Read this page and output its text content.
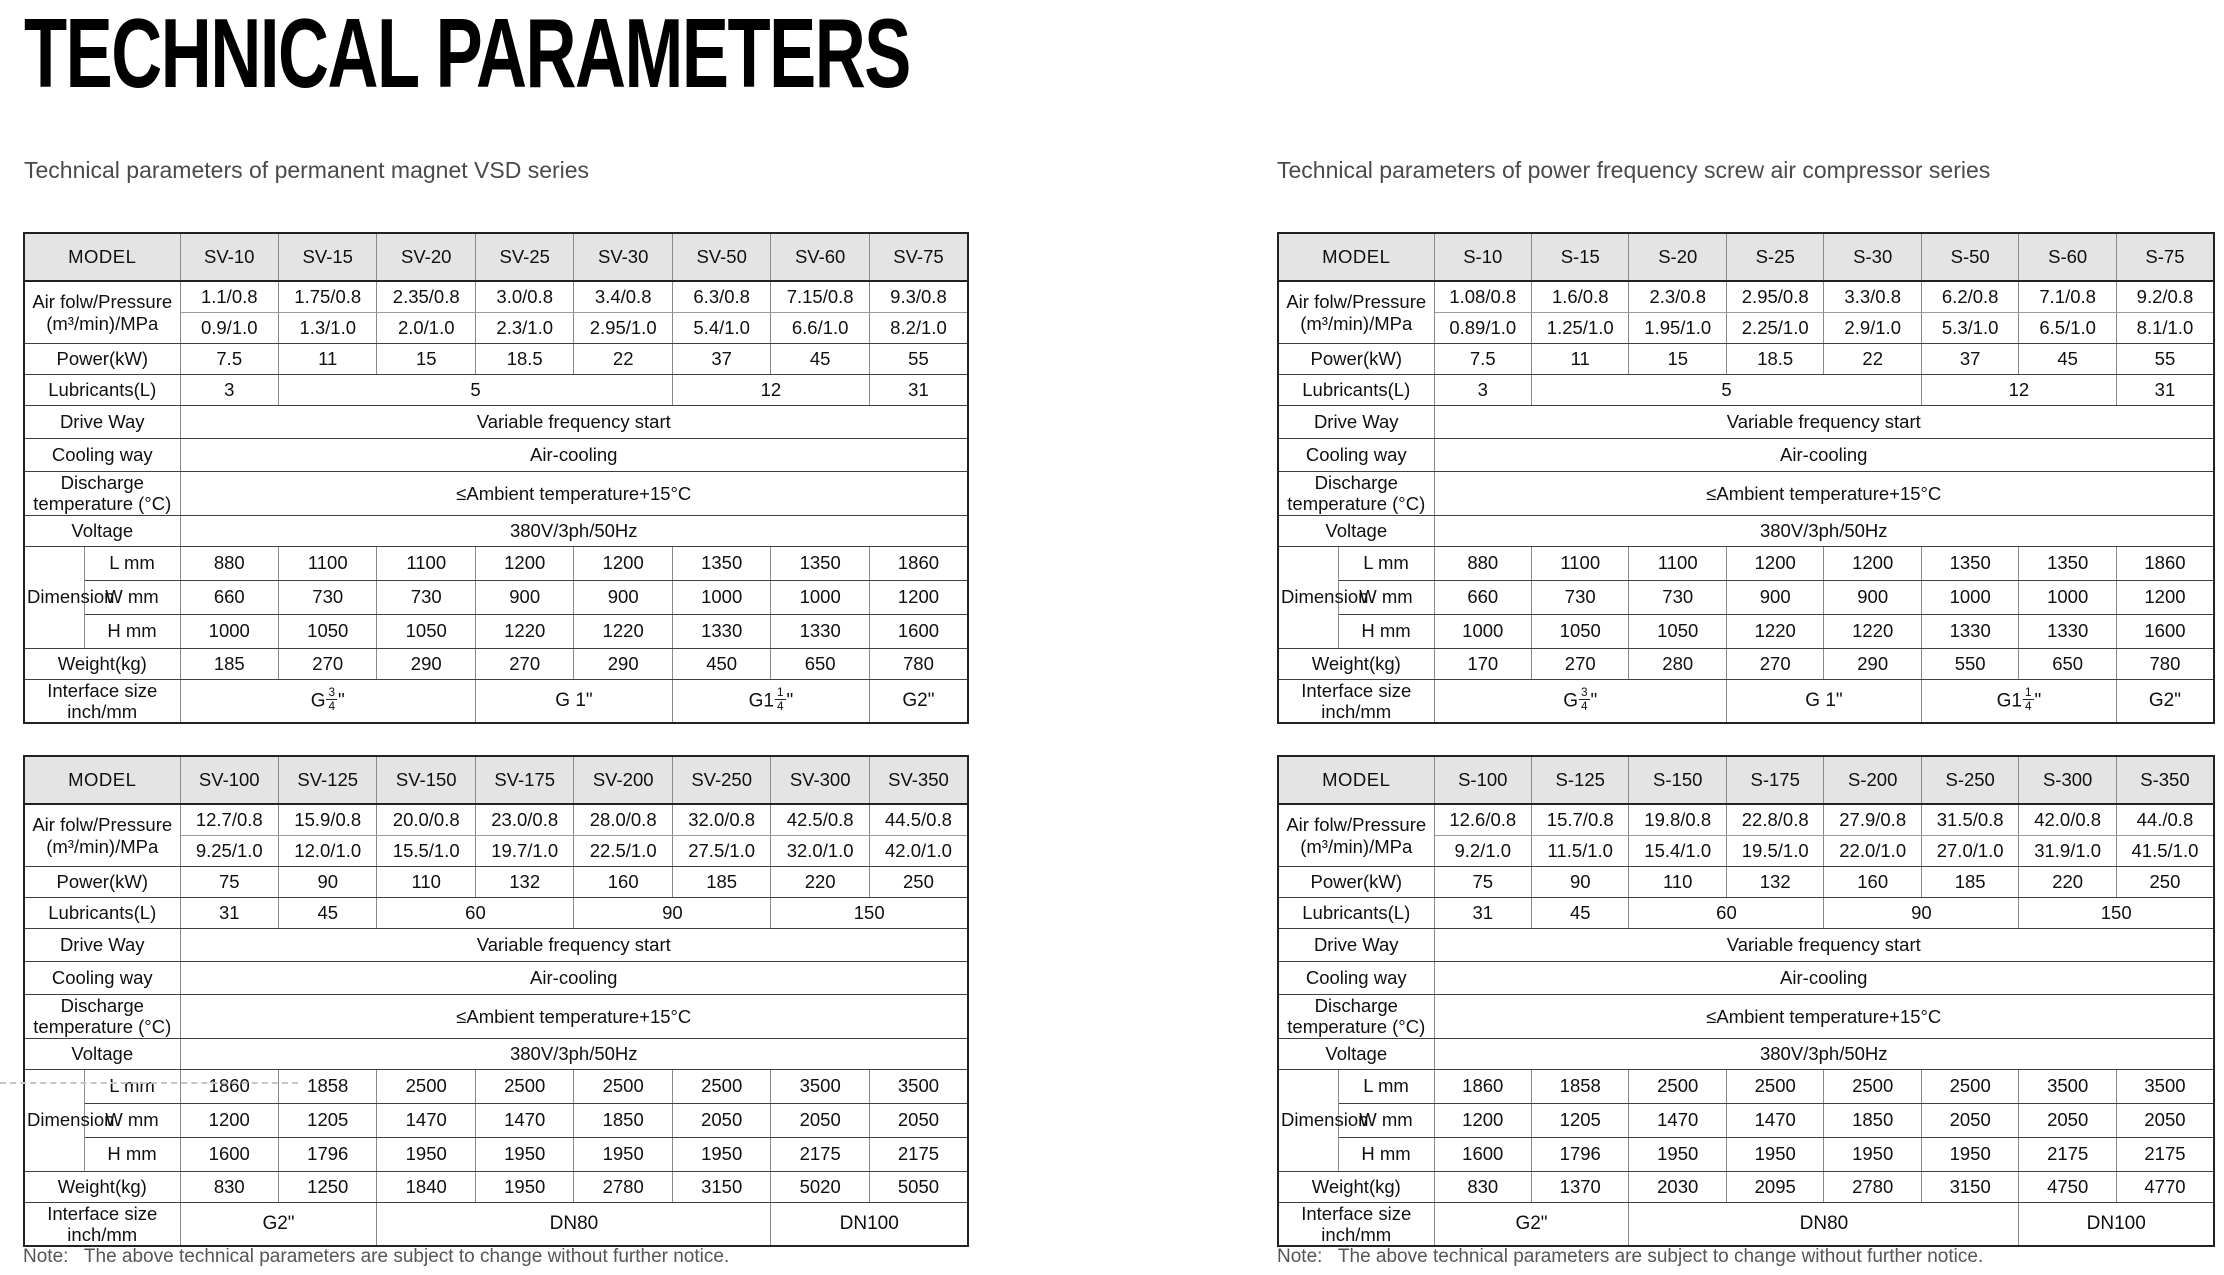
TECHNICAL PARAMETERS
Technical parameters of permanent magnet VSD series	Technical parameters of power frequency screw air compressor series
MODEL		SV-10	SV-15	SV-20	SV-25	SV-30	SV-50	SV-60	SV-75
Air folw/Pressure
(m³/min)/MPa		1.1/0.8	1.75/0.8	2.35/0.8	3.0/0.8	3.4/0.8	6.3/0.8	7.15/0.8	9.3/0.8
		0.9/1.0	1.3/1.0	2.0/1.0	2.3/1.0	2.95/1.0	5.4/1.0	6.6/1.0	8.2/1.0
Power(kW)		7.5	11	15	18.5	22	37	45	55
Lubricants(L)		3	5				12		31
Drive Way		Variable frequency start							
Cooling way		Air-cooling							
Discharge
temperature (°C)		≤Ambient temperature+15°C							
Voltage		380V/3ph/50Hz							
Dimension	L mm	880	1100	1100	1200	1200	1350	1350	1860
	W mm	660	730	730	900	900	1000	1000	1200
	H mm	1000	1050	1050	1220	1220	1330	1330	1600
Weight(kg)		185	270	290	270	290	450	650	780
Interface size
inch/mm		G $\frac{3}{4}$ "			G 1"		$G1 \frac{1}{4}$ "		G2"
MODEL		SV-100	SV-125	SV-150	SV-175	SV-200	SV-250	SV-300	SV-350
Air folw/Pressure
(m³/min)/MPa		12.7/0.8	15.9/0.8	20.0/0.8	23.0/0.8	28.0/0.8	32.0/0.8	42.5/0.8	44.5/0.8
		9.25/1.0	12.0/1.0	15.5/1.0	19.7/1.0	22.5/1.0	27.5/1.0	32.0/1.0	42.0/1.0
Power(kW)		75	90	110	132	160	185	220	250
Lubricants(L)		31	45	60		90		150	
Drive Way		Variable frequency start							
Cooling way		Air-cooling							
Discharge
temperature (°C)		≤Ambient temperature+15°C							
Voltage		380V/3ph/50Hz							
Dimension	L mm	1860	1858	2500	2500	2500	2500	3500	3500
	W mm	1200	1205	1470	1470	1850	2050	2050	2050
	H mm	1600	1796	1950	1950	1950	1950	2175	2175
Weight(kg)		830	1250	1840	1950	2780	3150	5020	5050
Interface size
inch/mm		G2"		DN80				DN100	
MODEL		S-10	S-15	S-20	S-25	S-30	S-50	S-60	S-75
Air folw/Pressure
(m³/min)/MPa		1.08/0.8	1.6/0.8	2.3/0.8	2.95/0.8	3.3/0.8	6.2/0.8	7.1/0.8	9.2/0.8
		0.89/1.0	1.25/1.0	1.95/1.0	2.25/1.0	2.9/1.0	5.3/1.0	6.5/1.0	8.1/1.0
Power(kW)		7.5	11	15	18.5	22	37	45	55
Lubricants(L)		3	5				12		31
Drive Way		Variable frequency start							
Cooling way		Air-cooling							
Discharge
temperature (°C)		≤Ambient temperature+15°C							
Voltage		380V/3ph/50Hz							
Dimension	L mm	880	1100	1100	1200	1200	1350	1350	1860
	W mm	660	730	730	900	900	1000	1000	1200
	H mm	1000	1050	1050	1220	1220	1330	1330	1600
Weight(kg)		170	270	280	270	290	550	650	780
Interface size
inch/mm		G $\frac{3}{4}$ "			G 1"		$G1 \frac{1}{4}$ "		G2"
MODEL		S-100	S-125	S-150	S-175	S-200	S-250	S-300	S-350
Air folw/Pressure
(m³/min)/MPa		12.6/0.8	15.7/0.8	19.8/0.8	22.8/0.8	27.9/0.8	31.5/0.8	42.0/0.8	44./0.8
		9.2/1.0	11.5/1.0	15.4/1.0	19.5/1.0	22.0/1.0	27.0/1.0	31.9/1.0	41.5/1.0
Power(kW)		75	90	110	132	160	185	220	250
Lubricants(L)		31	45	60		90		150	
Drive Way		Variable frequency start							
Cooling way		Air-cooling							
Discharge
temperature (°C)		≤Ambient temperature+15°C							
Voltage		380V/3ph/50Hz							
Dimension	L mm	1860	1858	2500	2500	2500	2500	3500	3500
	W mm	1200	1205	1470	1470	1850	2050	2050	2050
	H mm	1600	1796	1950	1950	1950	1950	2175	2175
Weight(kg)		830	1370	2030	2095	2780	3150	4750	4770
Interface size
inch/mm		G2"		DN80				DN100	
Note:   The above technical parameters are subject to change without further notice.	Note:   The above technical parameters are subject to change without further notice.
